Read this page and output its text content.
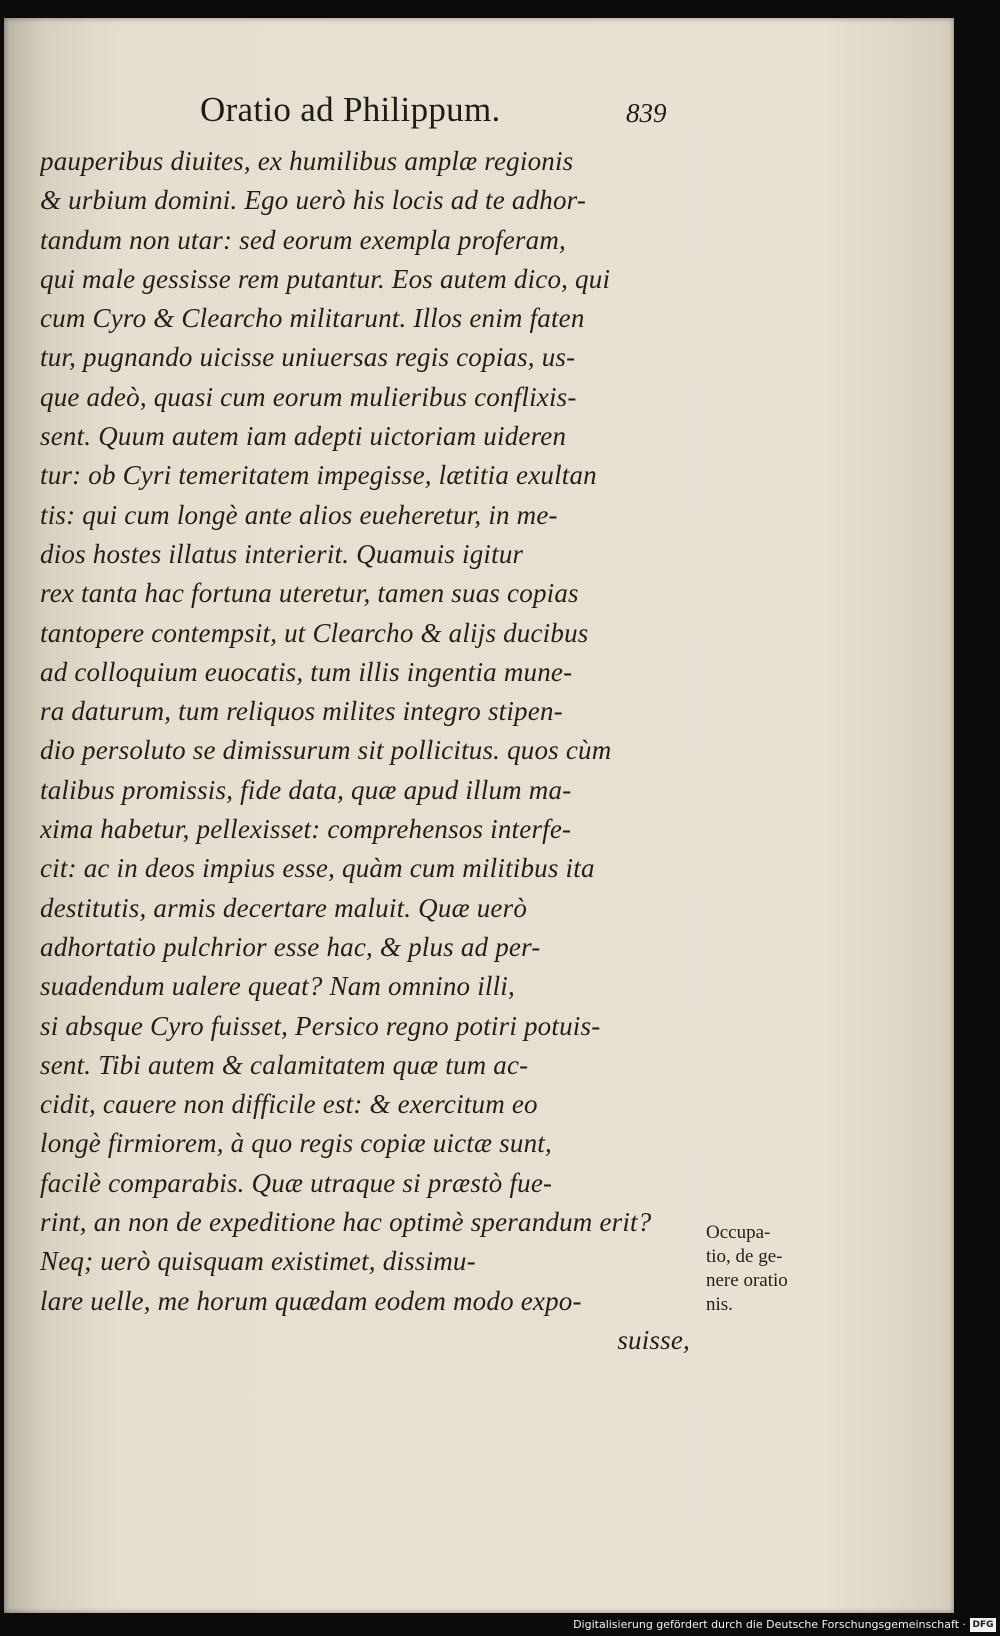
Oratio ad Philippum.	839
pauperibus diuites, ex humilibus amplæ regionis
& urbium domini. Ego uerò his locis ad te adhor-
tandum non utar: sed eorum exempla proferam,
qui male gessisse rem putantur. Eos autem dico, qui
cum Cyro & Clearcho militarunt. Illos enim faten
tur, pugnando uicisse uniuersas regis copias, us-
que adeò, quasi cum eorum mulieribus conflixis-
sent. Quum autem iam adepti uictoriam uideren
tur: ob Cyri temeritatem impegisse, lætitia exultan
tis: qui cum longè ante alios eueheretur, in me-
dios hostes illatus interierit. Quamuis igitur
rex tanta hac fortuna uteretur, tamen suas copias
tantopere contempsit, ut Clearcho & alijs ducibus
ad colloquium euocatis, tum illis ingentia mune-
ra daturum, tum reliquos milites integro stipen-
dio persoluto se dimissurum sit pollicitus. quos cùm
talibus promissis, fide data, quæ apud illum ma-
xima habetur, pellexisset: comprehensos interfe-
cit: ac in deos impius esse, quàm cum militibus ita
destitutis, armis decertare maluit. Quæ uerò
adhortatio pulchrior esse hac, & plus ad per-
suadendum ualere queat? Nam omnino illi,
si absque Cyro fuisset, Persico regno potiri potuis-
sent. Tibi autem & calamitatem quæ tum ac-
cidit, cauere non difficile est: & exercitum eo
longè firmiorem, à quo regis copiæ uictæ sunt,
facilè comparabis. Quæ utraque si præstò fue-
rint, an non de expeditione hac optimè sperandum erit? Neq; uerò quisquam existimet, dissimu-
lare uelle, me horum quædam eodem modo expo-
suisse,
Occupa-
tio, de ge-
nere oratio
nis.
Digitalisierung gefördert durch die Deutsche Forschungsgemeinschaft · DFG
